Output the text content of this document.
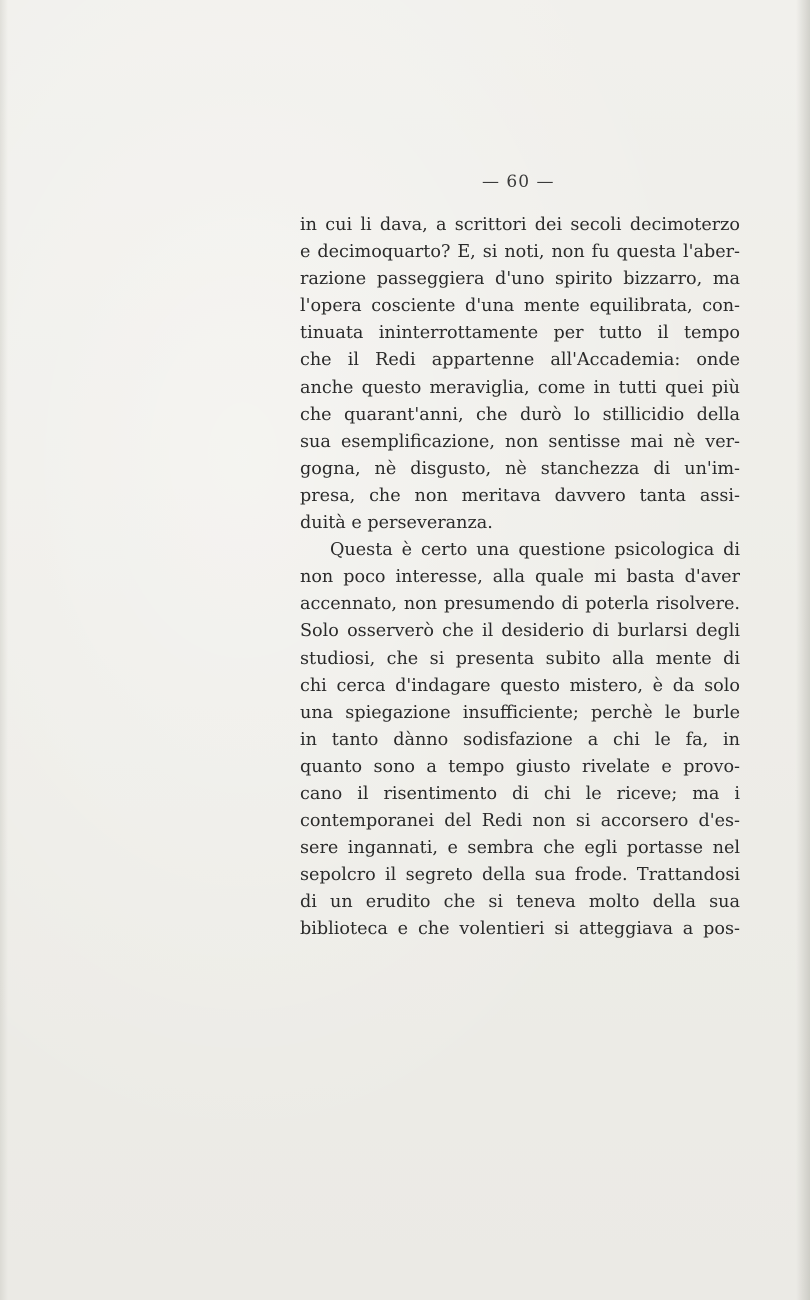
— 60 —
in cui li dava, a scrittori dei secoli decimoterzo
e decimoquarto? E, si noti, non fu questa l'aber-
razione passeggiera d'uno spirito bizzarro, ma
l'opera cosciente d'una mente equilibrata, con-
tinuata ininterrottamente per tutto il tempo
che il Redi appartenne all'Accademia: onde
anche questo meraviglia, come in tutti quei più
che quarant'anni, che durò lo stillicidio della
sua esemplificazione, non sentisse mai nè ver-
gogna, nè disgusto, nè stanchezza di un'im-
presa, che non meritava davvero tanta assi-
duità e perseveranza.
Questa è certo una questione psicologica di
non poco interesse, alla quale mi basta d'aver
accennato, non presumendo di poterla risolvere.
Solo osserverò che il desiderio di burlarsi degli
studiosi, che si presenta subito alla mente di
chi cerca d'indagare questo mistero, è da solo
una spiegazione insufficiente; perchè le burle
in tanto dànno sodisfazione a chi le fa, in
quanto sono a tempo giusto rivelate e provo-
cano il risentimento di chi le riceve; ma i
contemporanei del Redi non si accorsero d'es-
sere ingannati, e sembra che egli portasse nel
sepolcro il segreto della sua frode. Trattandosi
di un erudito che si teneva molto della sua
biblioteca e che volentieri si atteggiava a pos-
